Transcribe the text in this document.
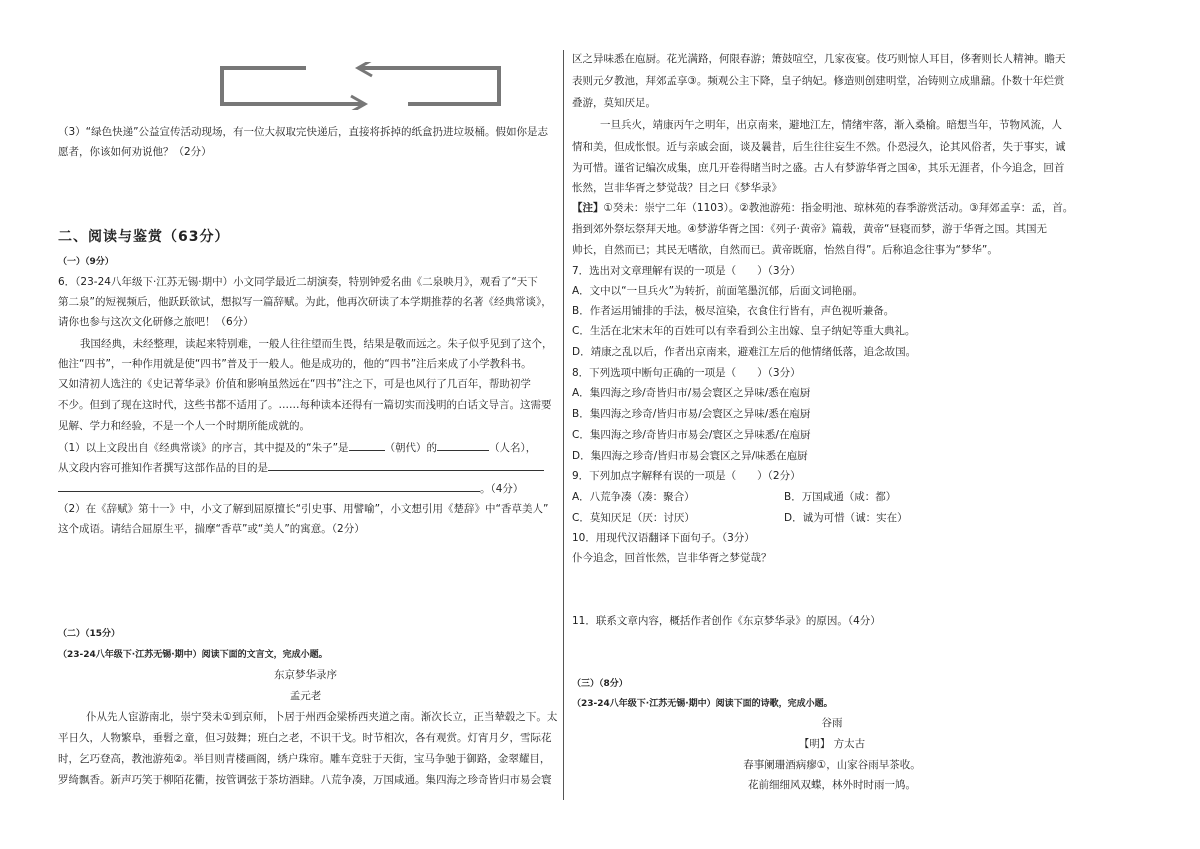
（3）“绿色快递”公益宣传活动现场，有一位大叔取完快递后，直接将拆掉的纸盒扔进垃圾桶。假如你是志
愿者，你该如何劝说他？（2分）
二、阅读与鉴赏（63分）
（一）（9分）
6．（23-24八年级下·江苏无锡·期中）小文同学最近二胡演奏，特别钟爱名曲《二泉映月》，观看了“天下
第二泉”的短视频后，他跃跃欲试，想拟写一篇辞赋。为此，他再次研读了本学期推荐的名著《经典常谈》，
请你也参与这次文化研修之旅吧！（6分）
我国经典，未经整理，读起来特别难，一般人往往望而生畏，结果是敬而远之。朱子似乎见到了这个，
他注“四书”，一种作用就是使“四书”普及于一般人。他是成功的，他的“四书”注后来成了小学教科书。
又如清初人选注的《史记菁华录》价值和影响虽然远在“四书”注之下，可是也风行了几百年，帮助初学
不少。但到了现在这时代，这些书都不适用了。……每种读本还得有一篇切实而浅明的白话文导言。这需要
见解、学力和经验，不是一个人一个时期所能成就的。
（1）以上文段出自《经典常谈》的序言，其中提及的“朱子”是	（朝代）的	（人名），
从文段内容可推知作者撰写这部作品的目的是
。（4分）
（2）在《辞赋》第十一》中，小文了解到屈原擅长“引史事、用譬喻”，小文想引用《楚辞》中“香草美人”
这个成语。请结合屈原生平，揣摩“香草”或“美人”的寓意。（2分）
（二）（15分）
（23-24八年级下·江苏无锡·期中）阅读下面的文言文，完成小题。
东京梦华录序
孟元老
仆从先人宦游南北，崇宁癸未①到京师，卜居于州西金梁桥西夹道之南。渐次长立，正当辇毂之下。太
平日久，人物繁阜，垂髫之童，但习鼓舞；班白之老，不识干戈。时节相次，各有观赏。灯宵月夕，雪际花
时，乞巧登高，教池游苑②。举目则青楼画阁，绣户珠帘。雕车竞驻于天街，宝马争驰于御路，金翠耀目，
罗绮飘香。新声巧笑于柳陌花衢，按管调弦于茶坊酒肆。八荒争凑，万国咸通。集四海之珍奇皆归市易会寰
区之异味悉在庖厨。花光满路，何限春游；箫鼓喧空，几家夜宴。伎巧则惊人耳目，侈奢则长人精神。瞻天
表则元夕教池，拜郊孟享③。频观公主下降，皇子纳妃。修造则创建明堂，冶铸则立成鼎鼐。仆数十年烂赏
叠游，莫知厌足。
一旦兵火，靖康丙午之明年，出京南来，避地江左，情绪牢落，渐入桑榆。暗想当年，节物风流，人
情和美，但成怅恨。近与亲戚会面，谈及曩昔，后生往往妄生不然。仆恐浸久，论其风俗者，失于事实，诚
为可惜。谨省记编次成集，庶几开卷得睹当时之盛。古人有梦游华胥之国④，其乐无涯者，仆今追念，回首
怅然，岂非华胥之梦觉哉？目之曰《梦华录》
【注】①癸未：崇宁二年（1103）。②教池游苑：指金明池、琼林苑的春季游赏活动。③拜郊孟享：孟，首。
指到郊外祭坛祭拜天地。④梦游华胥之国：《列子·黄帝》篇载，黄帝“昼寝而梦，游于华胥之国。其国无
帅长，自然而已；其民无嗜欲，自然而已。黄帝既寤，怡然自得”。后称追念往事为“梦华”。
7．选出对文章理解有误的一项是（　　）（3分）
A．文中以“一旦兵火”为转折，前面笔墨沉郁，后面文词艳丽。
B．作者运用铺排的手法，极尽渲染，衣食住行皆有，声色视听兼备。
C．生活在北宋末年的百姓可以有幸看到公主出嫁、皇子纳妃等重大典礼。
D．靖康之乱以后，作者出京南来，避难江左后的他情绪低落，追念故国。
8．下列选项中断句正确的一项是（　　）（3分）
A．集四海之珍/奇皆归市/易会寰区之异味/悉在庖厨
B．集四海之珍奇/皆归市易/会寰区之异味/悉在庖厨
C．集四海之珍/奇皆归市易会/寰区之异味悉/在庖厨
D．集四海之珍奇/皆归市易会寰区之异/味悉在庖厨
9．下列加点字解释有误的一项是（　　）（2分）
A．八荒争凑（凑：聚合）	B．万国咸通（咸：都）
C．莫知厌足（厌：讨厌）	D．诚为可惜（诚：实在）
10．用现代汉语翻译下面句子。（3分）
仆今追念，回首怅然，岂非华胥之梦觉哉？
11．联系文章内容，概括作者创作《东京梦华录》的原因。（4分）
（三）（8分）
（23-24八年级下·江苏无锡·期中）阅读下面的诗歌，完成小题。
谷雨
【明】 方太古
春事阑珊酒病瘳①，山家谷雨早茶收。
花前细细风双蝶，林外时时雨一鸠。
